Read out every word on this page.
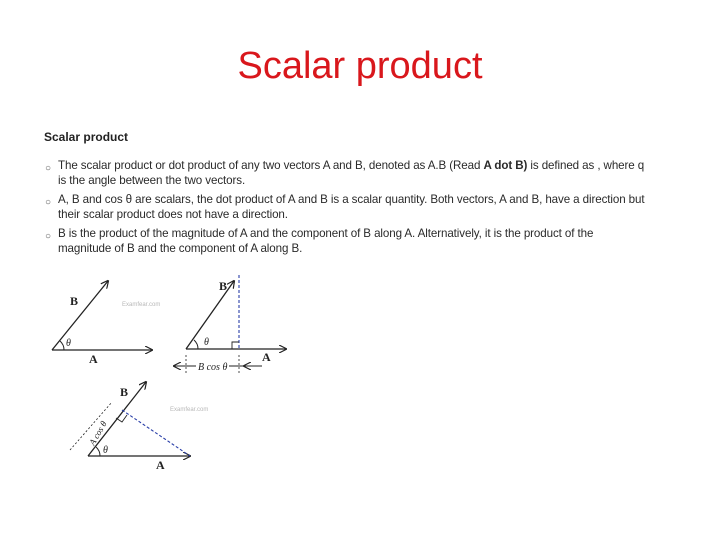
Scalar product
Scalar product
○ The scalar product or dot product of any two vectors A and B, denoted as A.B (Read A dot B) is defined as , where q
is the angle between the two vectors.
○ A, B and cos θ are scalars, the dot product of A and B is a scalar quantity. Both vectors, A and B, have a direction but
their scalar product does not have a direction.
○ B is the product of the magnitude of A and the component of B along A. Alternatively, it is the product of the
magnitude of B and the component of A along B.
B
A
θ
Examfear.com
B
A
θ
B cos θ
B
A
θ
A cos θ
Examfear.com
